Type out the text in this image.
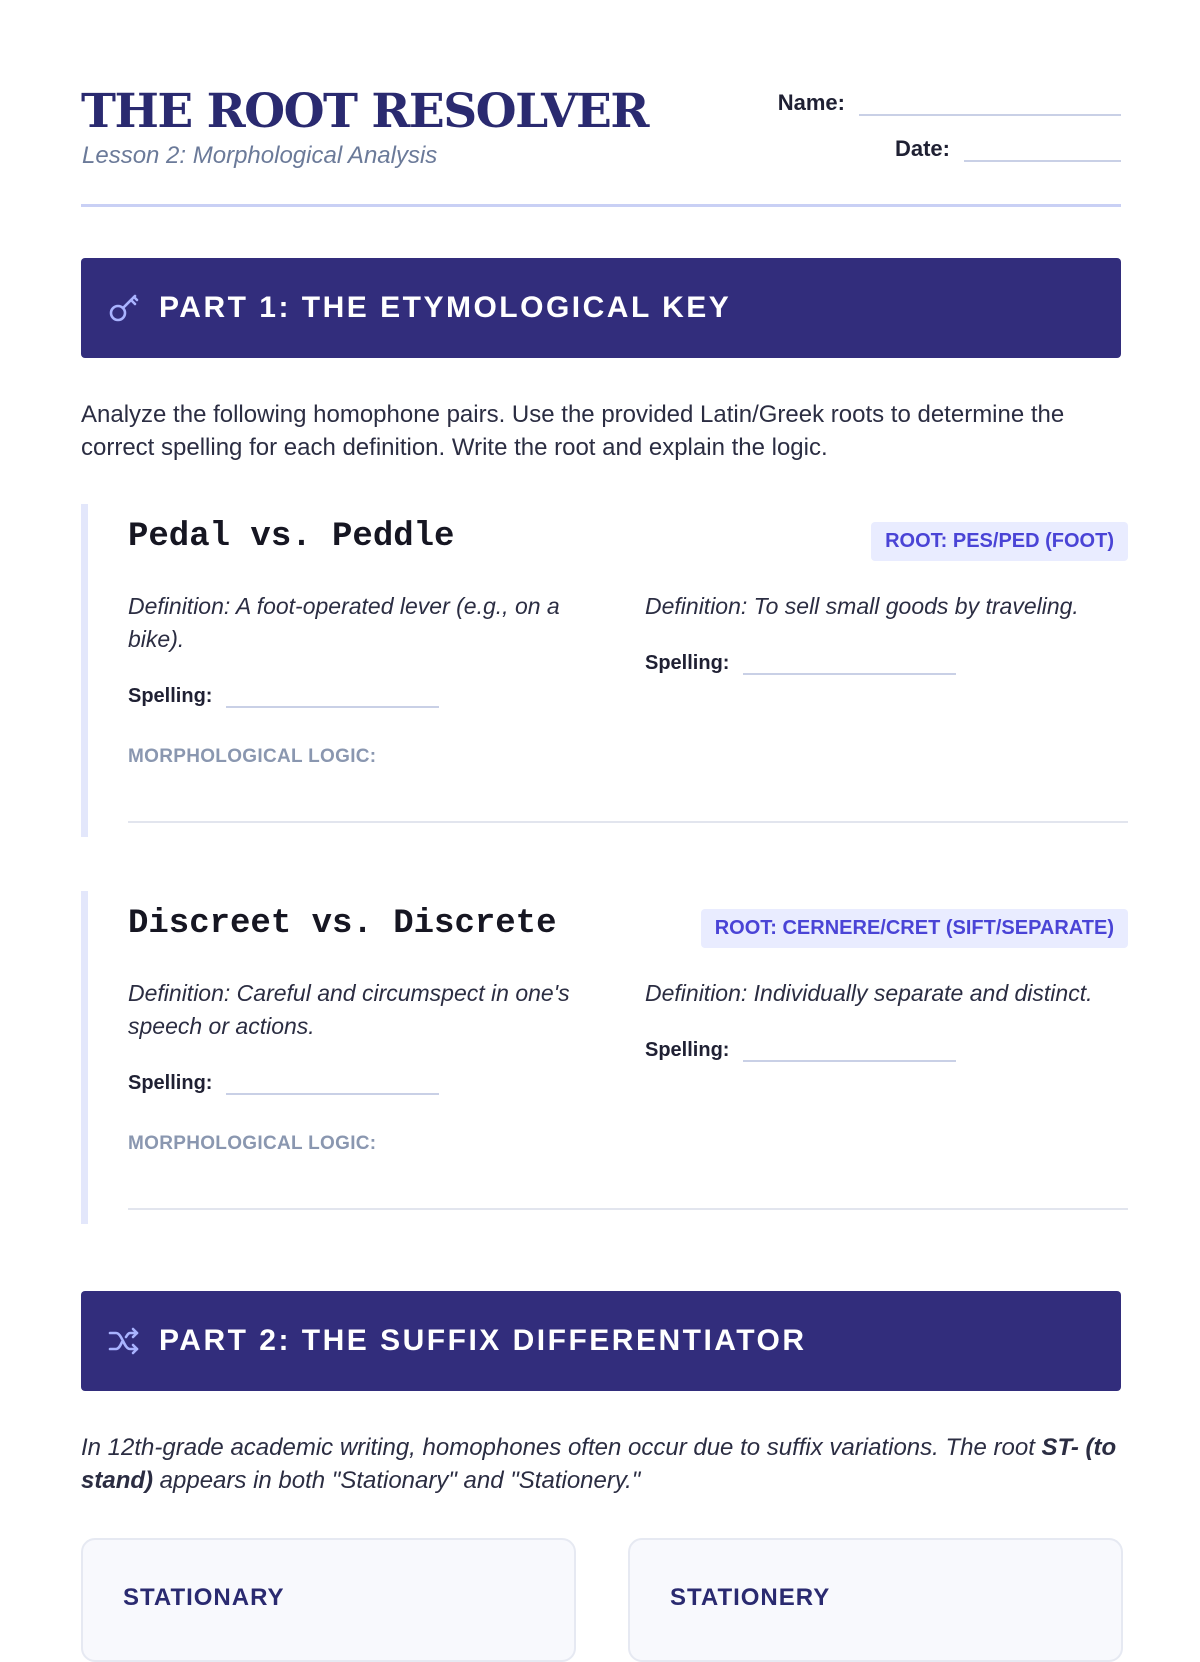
THE ROOT RESOLVER
Lesson 2: Morphological Analysis
Name:
Date:
PART 1: THE ETYMOLOGICAL KEY
Analyze the following homophone pairs. Use the provided Latin/Greek roots to determine the correct spelling for each definition. Write the root and explain the logic.
Pedal vs. Peddle	ROOT: PES/PED (FOOT)
Definition: A foot-operated lever (e.g., on a bike).
Spelling:
Definition: To sell small goods by traveling.
Spelling:
MORPHOLOGICAL LOGIC:
Discreet vs. Discrete	ROOT: CERNERE/CRET (SIFT/SEPARATE)
Definition: Careful and circumspect in one's speech or actions.
Spelling:
Definition: Individually separate and distinct.
Spelling:
MORPHOLOGICAL LOGIC:
PART 2: THE SUFFIX DIFFERENTIATOR
In 12th-grade academic writing, homophones often occur due to suffix variations. The root ST- (to stand) appears in both "Stationary" and "Stationery."
STATIONARY	STATIONERY
